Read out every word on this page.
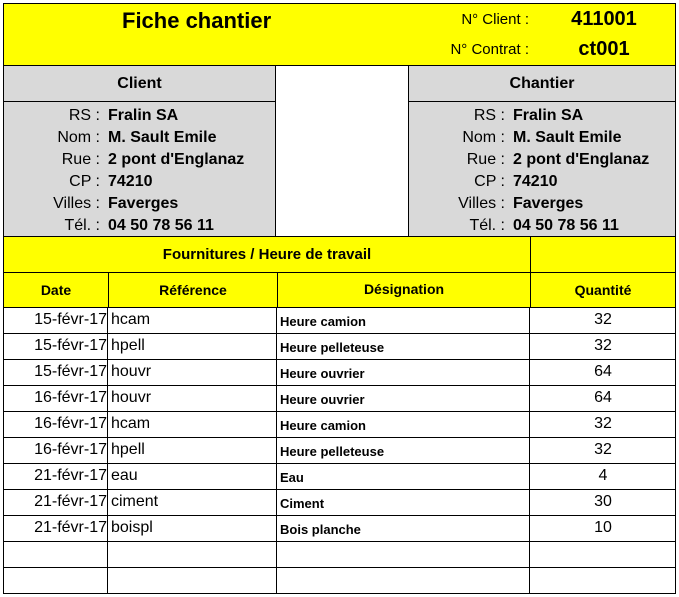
Fiche chantier	N° Client :	411001
N° Contrat :	ct001
Client
RS : Fralin SA
Nom : M. Sault Emile
Rue : 2 pont d'Englanaz
CP : 74210
Villes : Faverges
Tél. : 04 50 78 56 11
Chantier
RS : Fralin SA
Nom : M. Sault Emile
Rue : 2 pont d'Englanaz
CP : 74210
Villes : Faverges
Tél. : 04 50 78 56 11
Fournitures / Heure de travail
Date	Référence	Désignation	Quantité
15-févr-17 hcam	Heure camion	32
15-févr-17 hpell	Heure pelleteuse	32
15-févr-17 houvr	Heure ouvrier	64
16-févr-17 houvr	Heure ouvrier	64
16-févr-17 hcam	Heure camion	32
16-févr-17 hpell	Heure pelleteuse	32
21-févr-17 eau	Eau	4
21-févr-17 ciment	Ciment	30
21-févr-17 boispl	Bois planche	10
